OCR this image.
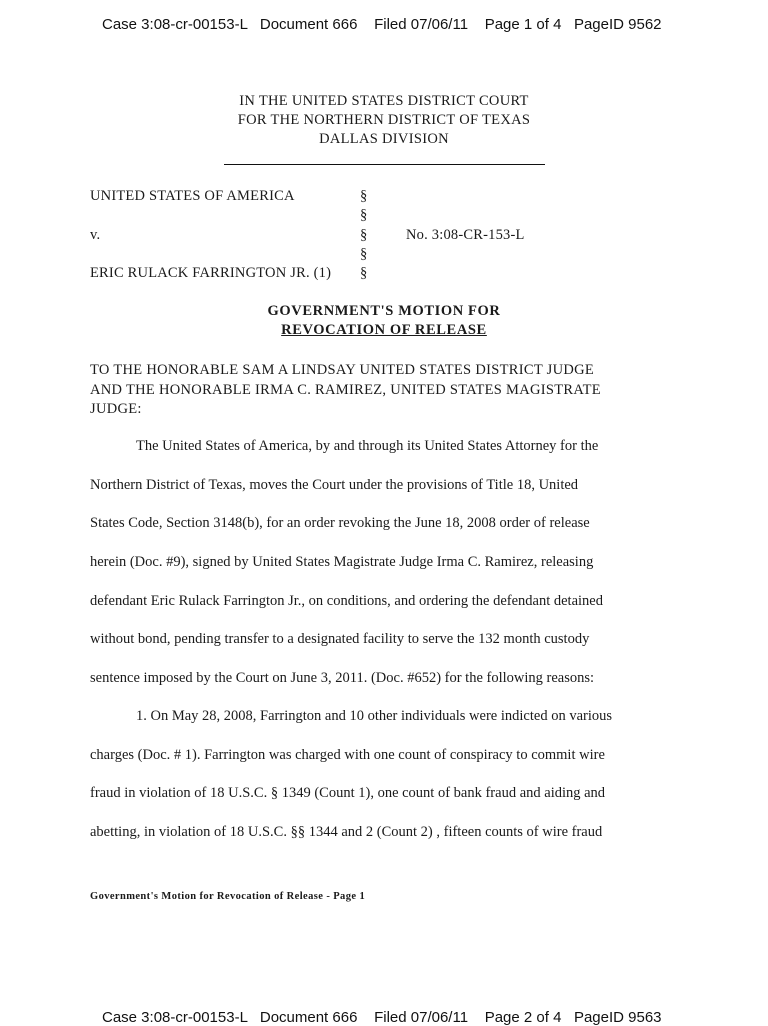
Case 3:08-cr-00153-L   Document 666    Filed 07/06/11    Page 1 of 4   PageID 9562
IN THE UNITED STATES DISTRICT COURT
FOR THE NORTHERN DISTRICT OF TEXAS
DALLAS DIVISION
UNITED STATES OF AMERICA
v.
ERIC RULACK FARRINGTON JR. (1)
No. 3:08-CR-153-L
§
§
§
§
§
GOVERNMENT'S MOTION FOR
REVOCATION OF RELEASE
TO THE HONORABLE SAM A LINDSAY UNITED STATES DISTRICT JUDGE
AND THE HONORABLE IRMA C. RAMIREZ, UNITED STATES MAGISTRATE
JUDGE:
The United States of America, by and through its United States Attorney for the
Northern District of Texas, moves the Court under the provisions of Title 18, United
States Code, Section 3148(b), for an order revoking the June 18, 2008 order of release
herein (Doc. #9), signed by United States Magistrate Judge Irma C. Ramirez, releasing
defendant Eric Rulack Farrington Jr., on conditions, and ordering the defendant detained
without bond, pending transfer to a designated facility to serve the 132 month custody
sentence imposed by the Court on June 3, 2011. (Doc. #652) for the following reasons:
1. On May 28, 2008, Farrington and 10 other individuals were indicted on various
charges (Doc. # 1). Farrington was charged with one count of conspiracy to commit wire
fraud in violation of 18 U.S.C. § 1349 (Count 1), one count of bank fraud and aiding and
abetting, in violation of 18 U.S.C. §§ 1344 and 2 (Count 2) , fifteen counts of wire fraud
Government's Motion for Revocation of Release - Page 1
Case 3:08-cr-00153-L   Document 666    Filed 07/06/11    Page 2 of 4   PageID 9563
